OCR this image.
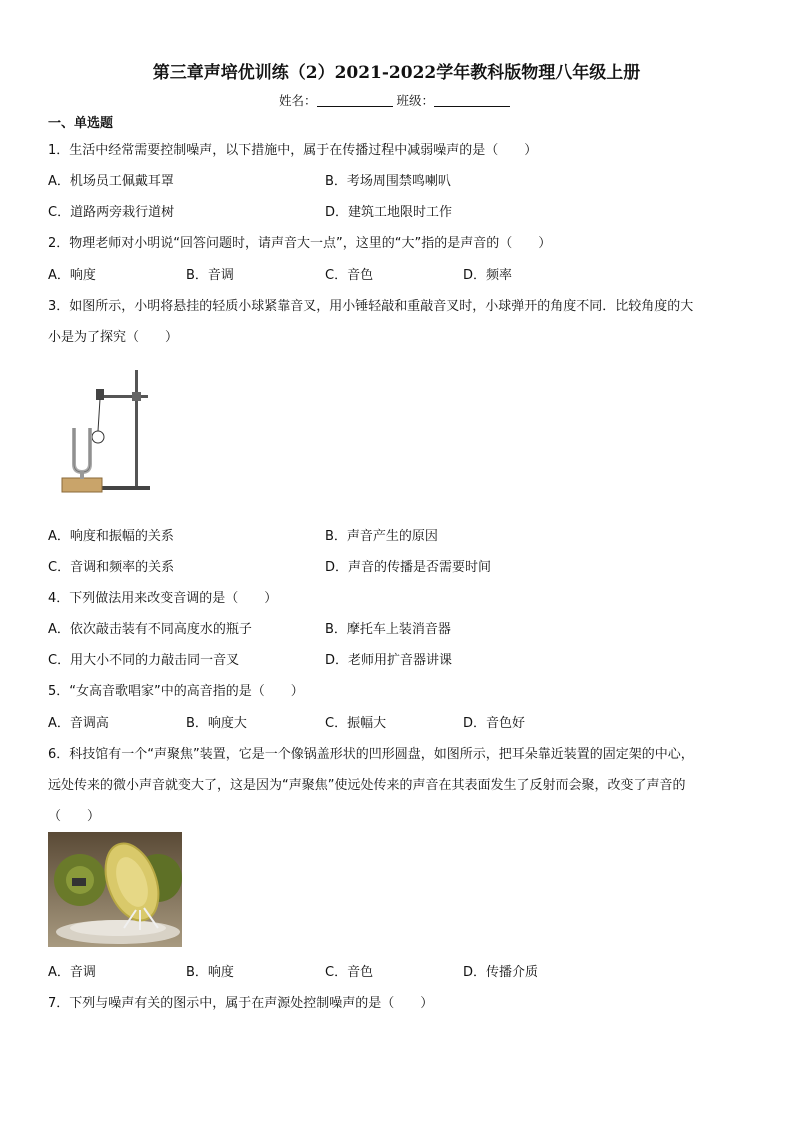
第三章声培优训练（2）2021-2022学年教科版物理八年级上册
姓名：	班级：
一、单选题
1．生活中经常需要控制噪声，以下措施中，属于在传播过程中减弱噪声的是（　　）
A．机场员工佩戴耳罩	B．考场周围禁鸣喇叭
C．道路两旁栽行道树	D．建筑工地限时工作
2．物理老师对小明说“回答问题时，请声音大一点”，这里的“大”指的是声音的（　　）
A．响度	B．音调	C．音色	D．频率
3．如图所示，小明将悬挂的轻质小球紧靠音叉，用小锤轻敲和重敲音叉时，小球弹开的角度不同．比较角度的大
小是为了探究（　　）
A．响度和振幅的关系	B．声音产生的原因
C．音调和频率的关系	D．声音的传播是否需要时间
4．下列做法用来改变音调的是（　　）
A．依次敲击装有不同高度水的瓶子	B．摩托车上装消音器
C．用大小不同的力敲击同一音叉	D．老师用扩音器讲课
5．“女高音歌唱家”中的高音指的是（　　）
A．音调高	B．响度大	C．振幅大	D．音色好
6．科技馆有一个“声聚焦”装置，它是一个像锅盖形状的凹形圆盘，如图所示，把耳朵靠近装置的固定架的中心，
远处传来的微小声音就变大了，这是因为“声聚焦”使远处传来的声音在其表面发生了反射而会聚，改变了声音的
（　　）
A．音调	B．响度	C．音色	D．传播介质
7．下列与噪声有关的图示中，属于在声源处控制噪声的是（　　）
